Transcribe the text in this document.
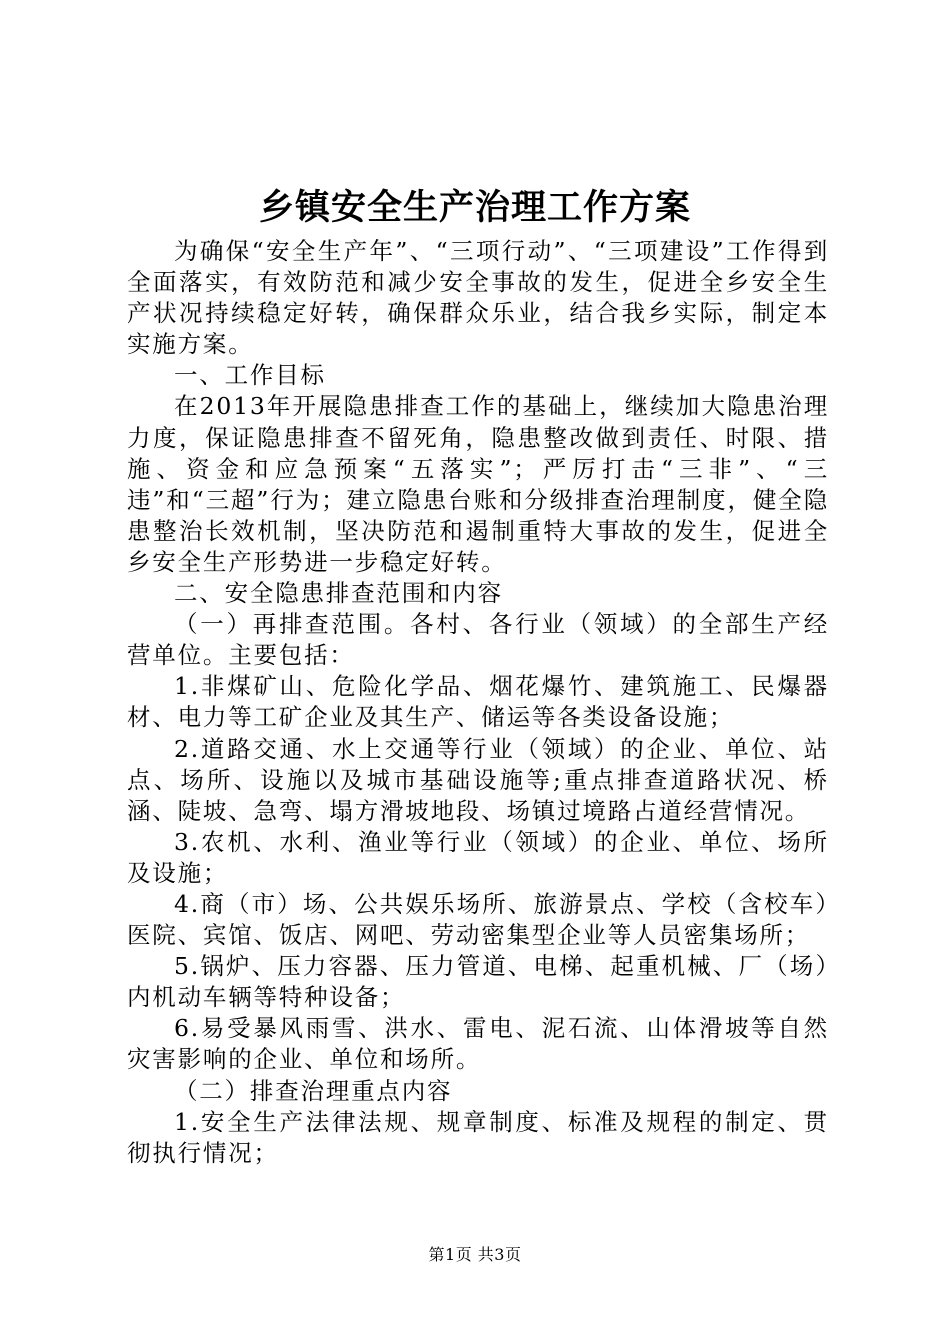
乡镇安全生产治理工作方案

为确保“安全生产年”、“三项行动”、“三项建设”工作得到全面落实，有效防范和减少安全事故的发生，促进全乡安全生产状况持续稳定好转，确保群众乐业，结合我乡实际，制定本实施方案。

一、工作目标

在2013年开展隐患排查工作的基础上，继续加大隐患治理力度，保证隐患排查不留死角，隐患整改做到责任、时限、措施、资金和应急预案“五落实”；严厉打击“三非”、“三违”和“三超”行为；建立隐患台账和分级排查治理制度，健全隐患整治长效机制，坚决防范和遏制重特大事故的发生，促进全乡安全生产形势进一步稳定好转。

二、安全隐患排查范围和内容

（一）再排查范围。各村、各行业（领域）的全部生产经营单位。主要包括：

1.非煤矿山、危险化学品、烟花爆竹、建筑施工、民爆器材、电力等工矿企业及其生产、储运等各类设备设施；

2.道路交通、水上交通等行业（领域）的企业、单位、站点、场所、设施以及城市基础设施等;重点排查道路状况、桥涵、陡坡、急弯、塌方滑坡地段、场镇过境路占道经营情况。

3.农机、水利、渔业等行业（领域）的企业、单位、场所及设施；

4.商（市）场、公共娱乐场所、旅游景点、学校（含校车）医院、宾馆、饭店、网吧、劳动密集型企业等人员密集场所；

5.锅炉、压力容器、压力管道、电梯、起重机械、厂（场）内机动车辆等特种设备；

6.易受暴风雨雪、洪水、雷电、泥石流、山体滑坡等自然灾害影响的企业、单位和场所。

（二）排查治理重点内容

1.安全生产法律法规、规章制度、标准及规程的制定、贯彻执行情况；

第1页 共3页
